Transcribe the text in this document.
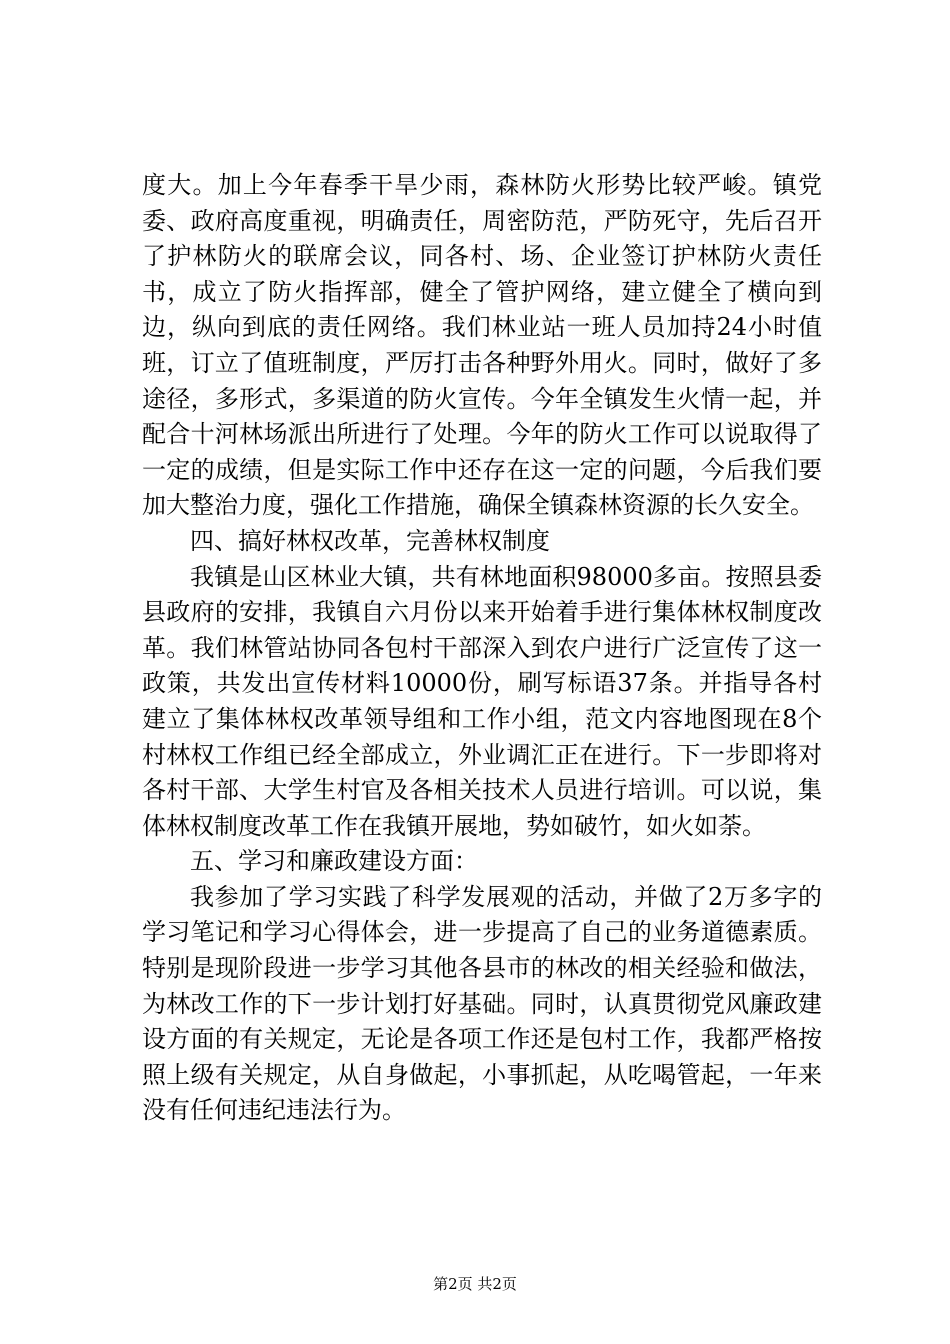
度大。加上今年春季干旱少雨，森林防火形势比较严峻。镇党委、政府高度重视，明确责任，周密防范，严防死守，先后召开了护林防火的联席会议，同各村、场、企业签订护林防火责任书，成立了防火指挥部，健全了管护网络，建立健全了横向到边，纵向到底的责任网络。我们林业站一班人员加持24小时值班，订立了值班制度，严厉打击各种野外用火。同时，做好了多途径，多形式，多渠道的防火宣传。今年全镇发生火情一起，并配合十河林场派出所进行了处理。今年的防火工作可以说取得了一定的成绩，但是实际工作中还存在这一定的问题，今后我们要加大整治力度，强化工作措施，确保全镇森林资源的长久安全。

四、搞好林权改革，完善林权制度

我镇是山区林业大镇，共有林地面积98000多亩。按照县委县政府的安排，我镇自六月份以来开始着手进行集体林权制度改革。我们林管站协同各包村干部深入到农户进行广泛宣传了这一政策，共发出宣传材料10000份，刷写标语37条。并指导各村建立了集体林权改革领导组和工作小组，范文内容地图现在8个村林权工作组已经全部成立，外业调汇正在进行。下一步即将对各村干部、大学生村官及各相关技术人员进行培训。可以说，集体林权制度改革工作在我镇开展地，势如破竹，如火如荼。

五、学习和廉政建设方面：

我参加了学习实践了科学发展观的活动，并做了2万多字的学习笔记和学习心得体会，进一步提高了自己的业务道德素质。特别是现阶段进一步学习其他各县市的林改的相关经验和做法，为林改工作的下一步计划打好基础。同时，认真贯彻党风廉政建设方面的有关规定，无论是各项工作还是包村工作，我都严格按照上级有关规定，从自身做起，小事抓起，从吃喝管起，一年来没有任何违纪违法行为。

第2页 共2页
